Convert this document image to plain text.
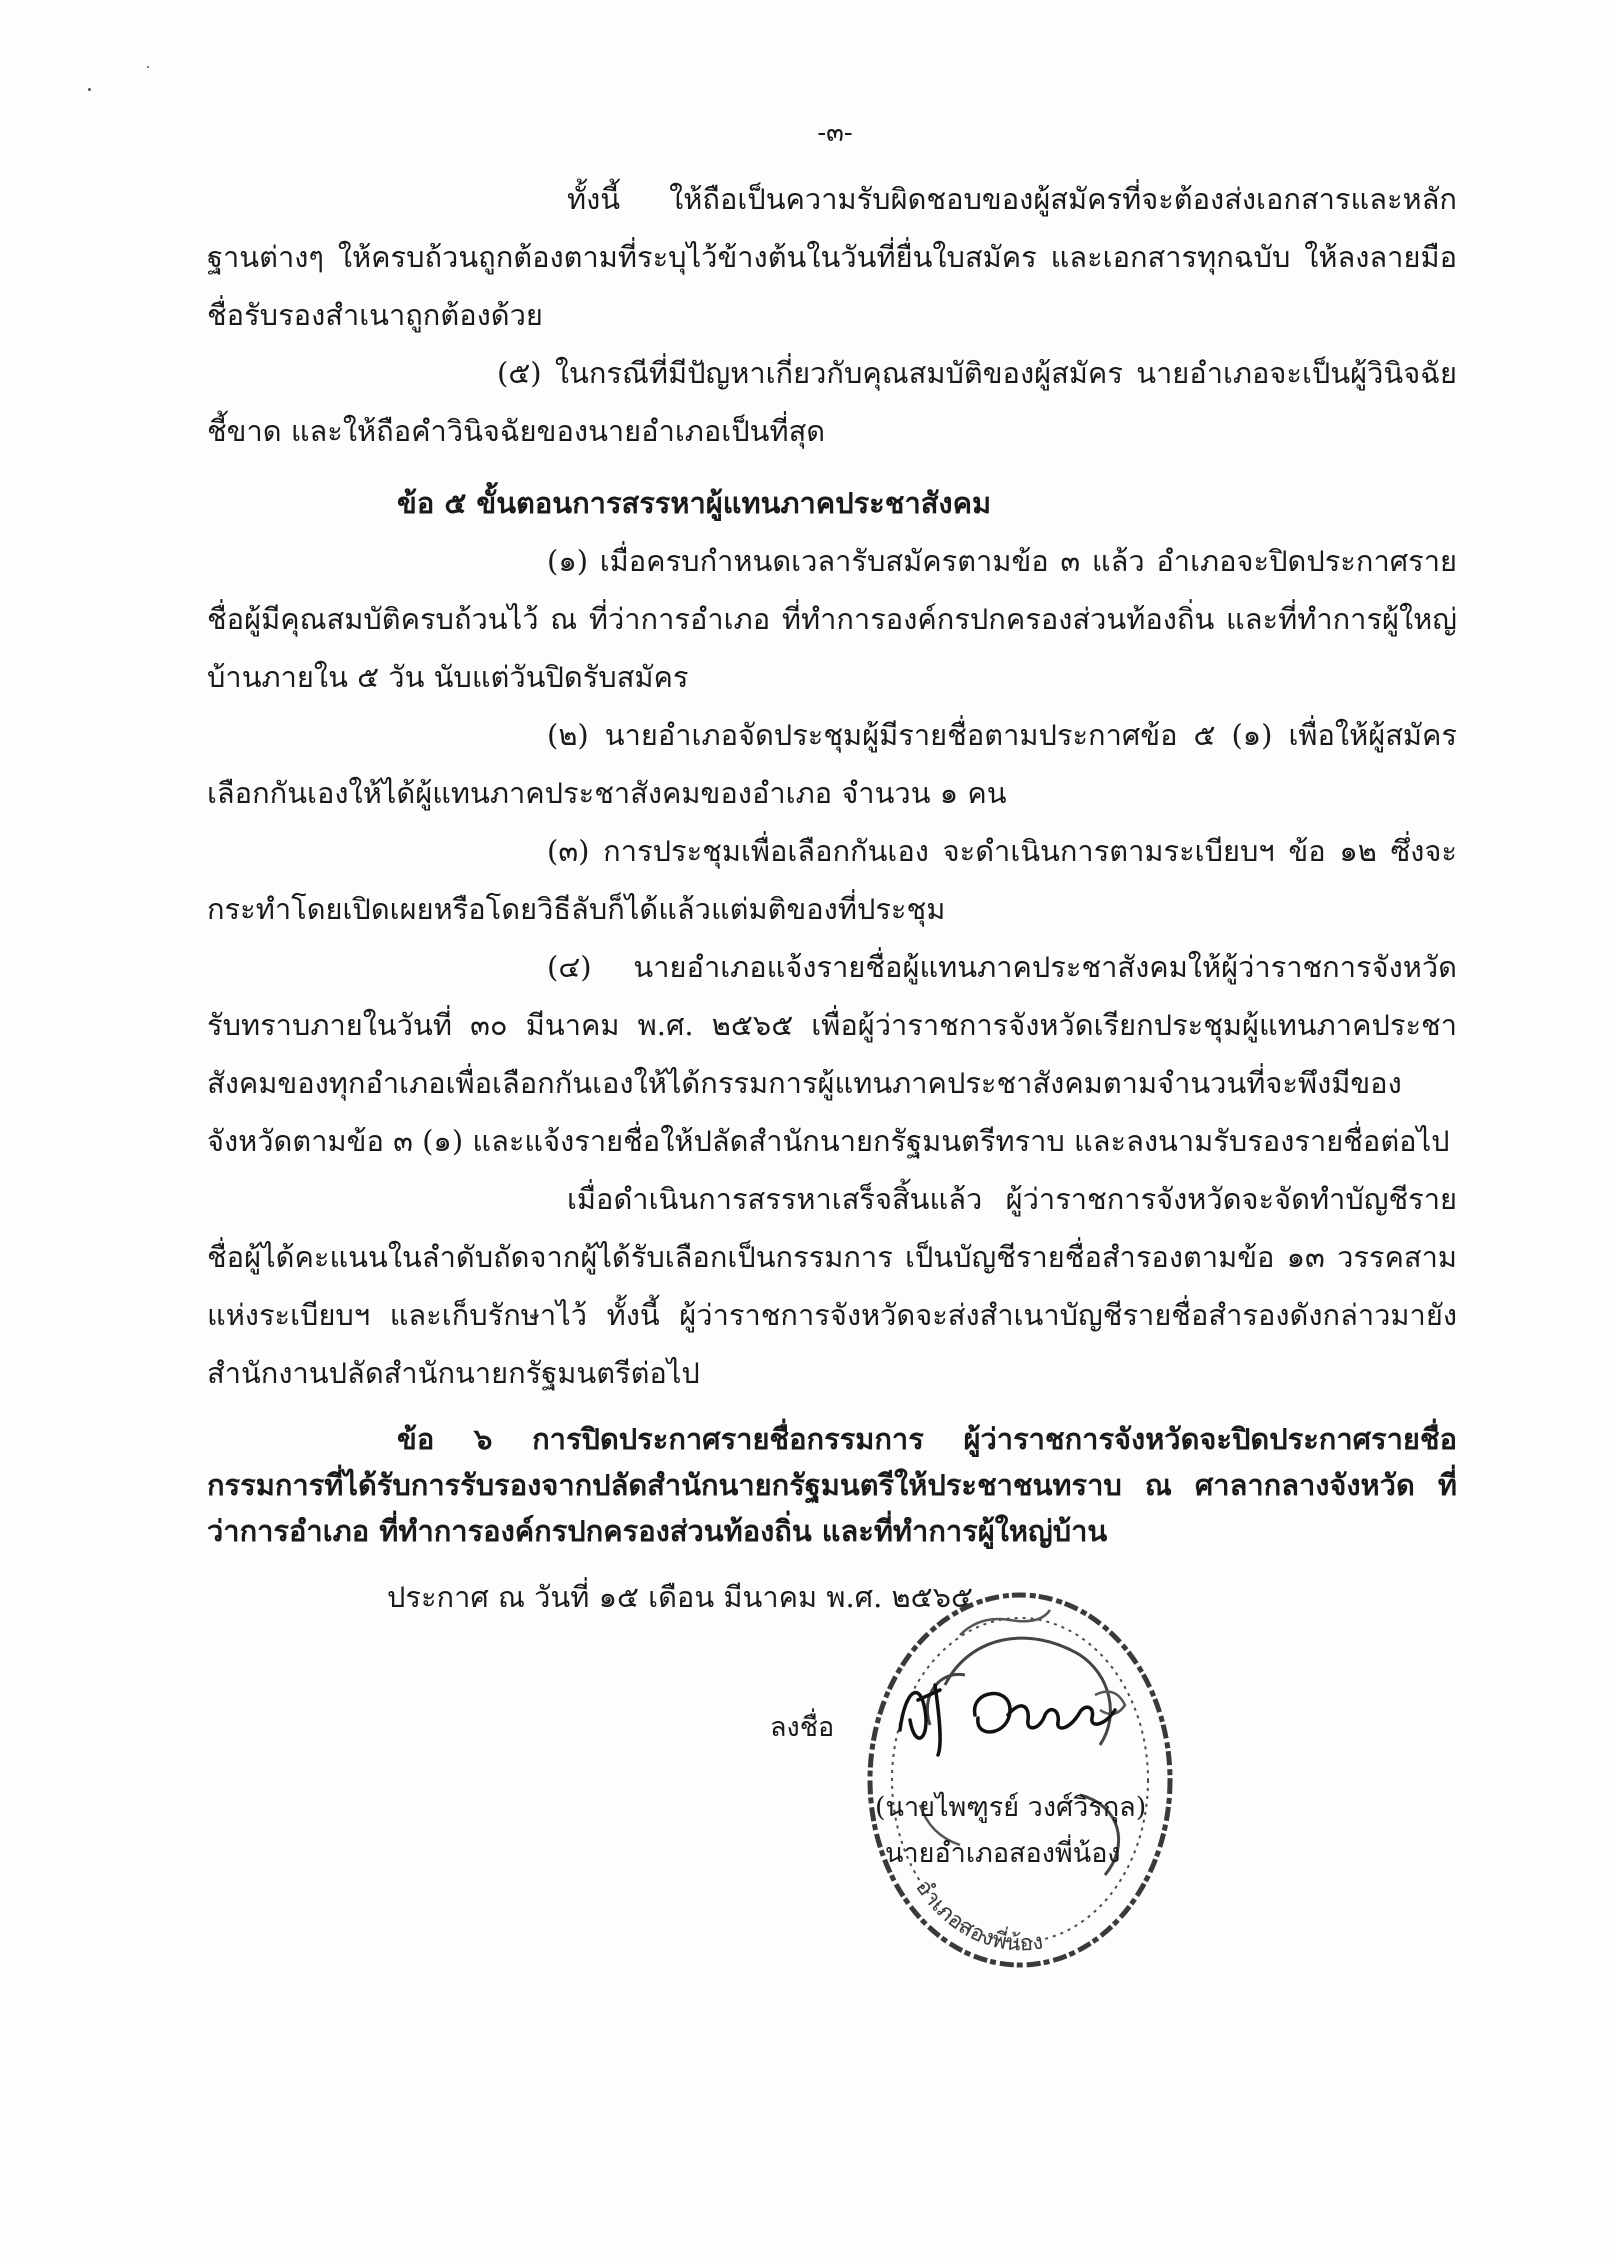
-๓-

ทั้งนี้ ให้ถือเป็นความรับผิดชอบของผู้สมัครที่จะต้องส่งเอกสารและหลักฐานต่างๆ ให้ครบถ้วนถูกต้องตามที่ระบุไว้ข้างต้นในวันที่ยื่นใบสมัคร และเอกสารทุกฉบับ ให้ลงลายมือชื่อรับรองสำเนาถูกต้องด้วย

(๕) ในกรณีที่มีปัญหาเกี่ยวกับคุณสมบัติของผู้สมัคร นายอำเภอจะเป็นผู้วินิจฉัยชี้ขาด และให้ถือคำวินิจฉัยของนายอำเภอเป็นที่สุด

ข้อ ๕ ขั้นตอนการสรรหาผู้แทนภาคประชาสังคม

(๑) เมื่อครบกำหนดเวลารับสมัครตามข้อ ๓ แล้ว อำเภอจะปิดประกาศรายชื่อผู้มีคุณสมบัติครบถ้วนไว้ ณ ที่ว่าการอำเภอ ที่ทำการองค์กรปกครองส่วนท้องถิ่น และที่ทำการผู้ใหญ่บ้านภายใน ๕ วัน นับแต่วันปิดรับสมัคร

(๒) นายอำเภอจัดประชุมผู้มีรายชื่อตามประกาศข้อ ๕ (๑) เพื่อให้ผู้สมัครเลือกกันเองให้ได้ผู้แทนภาคประชาสังคมของอำเภอ จำนวน ๑ คน

(๓) การประชุมเพื่อเลือกกันเอง จะดำเนินการตามระเบียบฯ ข้อ ๑๒ ซึ่งจะกระทำโดยเปิดเผยหรือโดยวิธีลับก็ได้แล้วแต่มติของที่ประชุม

(๔) นายอำเภอแจ้งรายชื่อผู้แทนภาคประชาสังคมให้ผู้ว่าราชการจังหวัดรับทราบภายในวันที่ ๓๐ มีนาคม พ.ศ. ๒๕๖๕ เพื่อผู้ว่าราชการจังหวัดเรียกประชุมผู้แทนภาคประชาสังคมของทุกอำเภอเพื่อเลือกกันเองให้ได้กรรมการผู้แทนภาคประชาสังคมตามจำนวนที่จะพึงมีของจังหวัดตามข้อ ๓ (๑) และแจ้งรายชื่อให้ปลัดสำนักนายกรัฐมนตรีทราบ และลงนามรับรองรายชื่อต่อไป

เมื่อดำเนินการสรรหาเสร็จสิ้นแล้ว ผู้ว่าราชการจังหวัดจะจัดทำบัญชีรายชื่อผู้ได้คะแนนในลำดับถัดจากผู้ได้รับเลือกเป็นกรรมการ เป็นบัญชีรายชื่อสำรองตามข้อ ๑๓ วรรคสามแห่งระเบียบฯ และเก็บรักษาไว้ ทั้งนี้ ผู้ว่าราชการจังหวัดจะส่งสำเนาบัญชีรายชื่อสำรองดังกล่าวมายังสำนักงานปลัดสำนักนายกรัฐมนตรีต่อไป

ข้อ ๖ การปิดประกาศรายชื่อกรรมการ ผู้ว่าราชการจังหวัดจะปิดประกาศรายชื่อกรรมการที่ได้รับการรับรองจากปลัดสำนักนายกรัฐมนตรีให้ประชาชนทราบ ณ ศาลากลางจังหวัด ที่ว่าการอำเภอ ที่ทำการองค์กรปกครองส่วนท้องถิ่น และที่ทำการผู้ใหญ่บ้าน

ประกาศ ณ วันที่ ๑๕ เดือน มีนาคม พ.ศ. ๒๕๖๕

อำเภอสองพี่น้อง
ลงชื่อ
(นายไพฑูรย์ วงศ์วิรกุล)
นายอำเภอสองพี่น้อง
